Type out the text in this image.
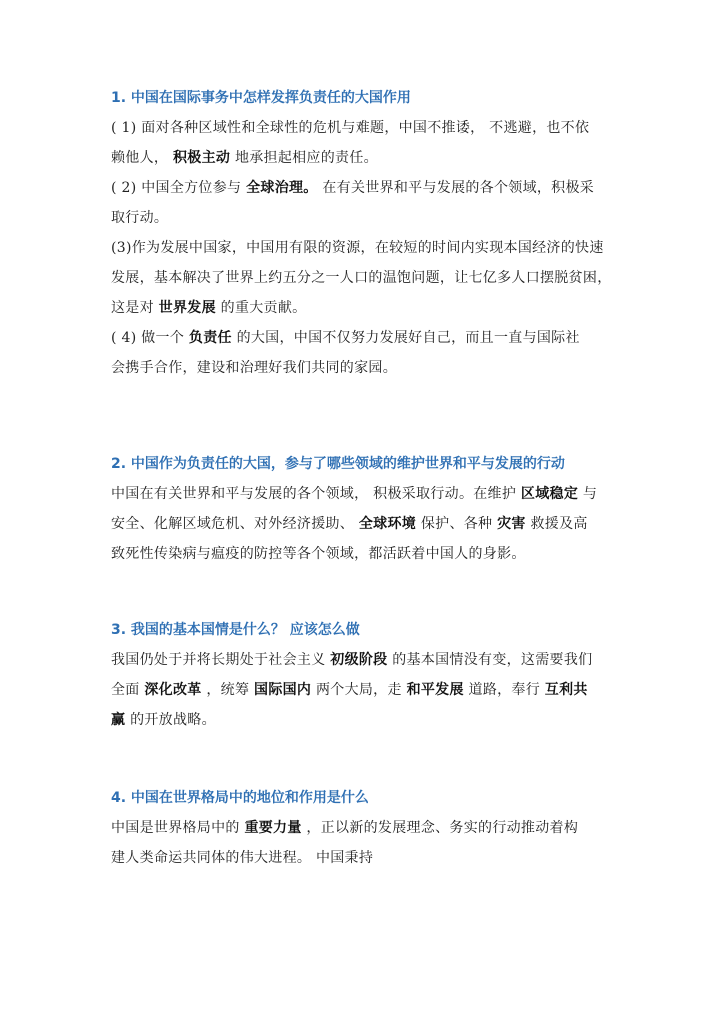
1. 中国在国际事务中怎样发挥负责任的大国作用
( 1) 面对各种区域性和全球性的危机与难题，中国不推诿， 不逃避，也不依
赖他人， 积极主动 地承担起相应的责任。
( 2) 中国全方位参与 全球治理。 在有关世界和平与发展的各个领域，积极采
取行动。
(3)作为发展中国家，中国用有限的资源，在较短的时间内实现本国经济的快速
发展，基本解决了世界上约五分之一人口的温饱问题，让七亿多人口摆脱贫困，
这是对 世界发展 的重大贡献。
( 4) 做一个 负责任 的大国，中国不仅努力发展好自己，而且一直与国际社
会携手合作，建设和治理好我们共同的家园。
2. 中国作为负责任的大国，参与了哪些领域的维护世界和平与发展的行动
中国在有关世界和平与发展的各个领域， 积极采取行动。在维护 区域稳定 与
安全、化解区域危机、对外经济援助、 全球环境 保护、各种 灾害 救援及高
致死性传染病与瘟疫的防控等各个领域，都活跃着中国人的身影。
3. 我国的基本国情是什么？ 应该怎么做
我国仍处于并将长期处于社会主义 初级阶段 的基本国情没有变，这需要我们
全面 深化改革 ，统筹 国际国内 两个大局，走 和平发展 道路，奉行 互利共
赢 的开放战略。
4. 中国在世界格局中的地位和作用是什么
中国是世界格局中的 重要力量 ，正以新的发展理念、务实的行动推动着构
建人类命运共同体的伟大进程。 中国秉持
